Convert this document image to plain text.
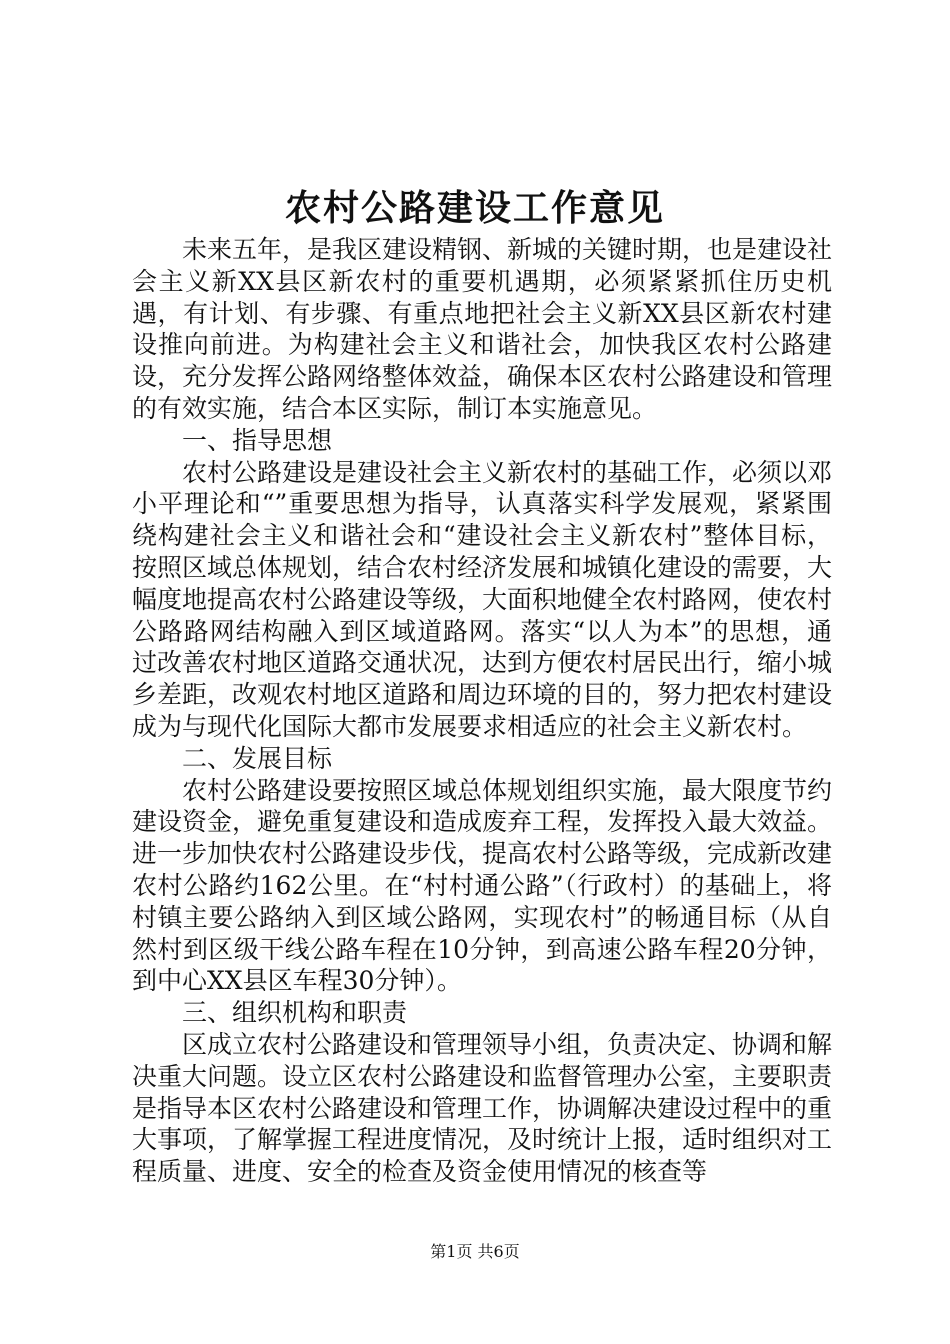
农村公路建设工作意见

未来五年，是我区建设精钢、新城的关键时期，也是建设社会主义新XX县区新农村的重要机遇期，必须紧紧抓住历史机遇，有计划、有步骤、有重点地把社会主义新XX县区新农村建设推向前进。为构建社会主义和谐社会，加快我区农村公路建设，充分发挥公路网络整体效益，确保本区农村公路建设和管理的有效实施，结合本区实际，制订本实施意见。

一、指导思想

农村公路建设是建设社会主义新农村的基础工作，必须以邓小平理论和“”重要思想为指导，认真落实科学发展观，紧紧围绕构建社会主义和谐社会和“建设社会主义新农村”整体目标，按照区域总体规划，结合农村经济发展和城镇化建设的需要，大幅度地提高农村公路建设等级，大面积地健全农村路网，使农村公路路网结构融入到区域道路网。落实“以人为本”的思想，通过改善农村地区道路交通状况，达到方便农村居民出行，缩小城乡差距，改观农村地区道路和周边环境的目的，努力把农村建设成为与现代化国际大都市发展要求相适应的社会主义新农村。

二、发展目标

农村公路建设要按照区域总体规划组织实施，最大限度节约建设资金，避免重复建设和造成废弃工程，发挥投入最大效益。进一步加快农村公路建设步伐，提高农村公路等级，完成新改建农村公路约162公里。在“村村通公路”（行政村）的基础上，将村镇主要公路纳入到区域公路网，实现农村”的畅通目标（从自然村到区级干线公路车程在10分钟，到高速公路车程20分钟，到中心XX县区车程30分钟）。

三、组织机构和职责

区成立农村公路建设和管理领导小组，负责决定、协调和解决重大问题。设立区农村公路建设和监督管理办公室，主要职责是指导本区农村公路建设和管理工作，协调解决建设过程中的重大事项，了解掌握工程进度情况，及时统计上报，适时组织对工程质量、进度、安全的检查及资金使用情况的核查等

第1页 共6页
